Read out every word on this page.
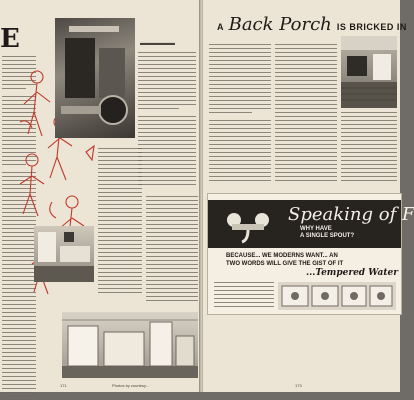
E	▬▬▬▬▬
171	Photos by courtesy...
A Back Porch IS BRICKED IN
Speaking of F
WHY HAVE
A SINGLE SPOUT?
BECAUSE... WE MODERNS WANT... AN
TWO WORDS WILL GIVE THE GIST OF IT
...Tempered Water
173
